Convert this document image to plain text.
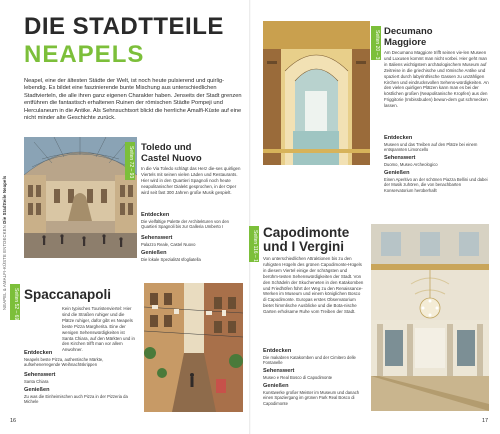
NEAPEL & AMALFI-KÜSTE ENTDECKEN Die Stadtteile Neapels
DIE STADTTEILE
NEAPELS

Neapel, eine der ältesten Städte der Welt, ist noch heute pulsierend und quirlig-lebendig. Es bildet eine faszinierende bunte Mischung aus unterschiedlichen Stadtvierteln, die alle ihren ganz eigenen Charakter haben. Jenseits der Stadt grenzen entführen die fantastisch erhaltenen Ruinen der römischen Städte Pompeji und Herculaneum in die Antike. Als Sehnsuchtsort blickt die herrliche Amalfi-Küste auf eine nicht minder alte Geschichte zurück.

Seiten 72 – 93 Toledo und
Castel Nuovo

In die Via Toledo schlägt das Herz die-ses quirligen Viertels mit seinen vielen Läden und Restaurants. Hier wird in den Quartieri Spagnoli noch heute neapolitanischer Dialekt gesprochen, in der Oper wird seit fast 300 Jahren große Musik gespielt.

Entdecken

Die vielfältige Palette der Architekturen von den Quartieri Spagnoli bis zur Galleria Umberto I

Sehenswert

Palazzo Reale, Castel Nuovo

Genießen

Die lokale Spezialität sfogliatella

Seiten 52 – 69 Spaccanapoli

Kein typisches Touristenviertel: Hier sind die Straßen ruhiger und die Plätze ruhiger, dafür gibt es Neapels beste Pizza Margherita. Eine der wenigen Sehenswürdigkeiten ist Santa Chiara, auf den Märkten und in den Kirchen trifft man vor allem Anwohner.

Entdecken

Neapels beste Pizza, authentische Märkte, aufsehenerregende Weihnachtskrippen

Sehenswert

Santa Chiara

Genießen

Zu was die Einheimischen auch Pizza in der Pizzeria da Michele

16
Seiten 20 – 39 Decumano
Maggiore

Am Decumano Maggiore trifft seinen vie-len Museen und Luxusen kommt man nicht vorbei. Hier geht man in Italiens wichtigstem archäologischem Museum auf Zeitreise in die griechische und römische Antike und spaziert durch labyrinthische Gassen zu unzähligen Kirchen und eindrucksvollen Sehens-würdigkeiten. An den vielen quirligen Plätzen kann man es bei der köstlichen großen (Neapolitanische Kropfen) aus den Friggitorie (Imbissbuden) bewun-dern gut schmecken lassen.

Entdecken

Museen und das Treiben auf den Plätze bei einem entspannten Limoncello

Sehenswert

Duomo, Museo Archeologico

Genießen

Einen Aperitivo an der schönen Piazza Bellini und dabei der Musik zuhören, die von benachbarten Konservatorium herüberhallt

Seiten 116 – 125 Capodimonte
und I Vergini

Von unterschiedlichen Attraktionen bis zu den ruhigsten Hügeln des grünen Capodimonte-Hügels in diesem Viertel einige der schrägsten und berühm-testen Sehenswürdigkeiten der Stadt. Von den Schädeln der Skucheneten in den Katakomben und Friedhöfen führt der Weg zu den Renaissance-Werken im Museum und einem königlichen Bosco di Capodimonte. Europas erstes Observatorium bietet himmlische Ausblicke und die Bota-nische Garten erholsame Ruhe vom Treiben der Stadt.

Entdecken

Die makabren Katakomben und der Cimitero delle Fontanelle

Sehenswert

Museo e Real Bosco di Capodimonte

Genießen

Kunstwerke großer Meister im Museum und danach einen Spaziergang im grünen Park Real Bosco di Capodimonte

17
